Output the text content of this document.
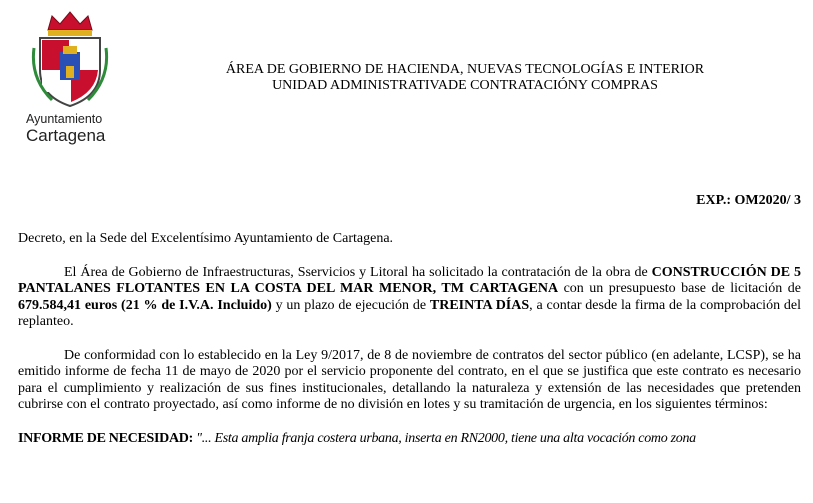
Ayuntamiento
Cartagena
ÁREA DE GOBIERNO DE HACIENDA, NUEVAS TECNOLOGÍAS E INTERIOR
UNIDAD ADMINISTRATIVADE CONTRATACIÓNY COMPRAS
EXP.: OM2020/ 3

Decreto, en la Sede del Excelentísimo Ayuntamiento de Cartagena.

El Área de Gobierno de Infraestructuras, Sservicios y Litoral ha solicitado la contratación de la obra de CONSTRUCCIÓN DE 5 PANTALANES FLOTANTES EN LA COSTA DEL MAR MENOR, TM CARTAGENA con un presupuesto base de licitación de 679.584,41 euros (21 % de I.V.A. Incluido) y un plazo de ejecución de TREINTA DÍAS, a contar desde la firma de la comprobación del replanteo.

De conformidad con lo establecido en la Ley 9/2017, de 8 de noviembre de contratos del sector público (en adelante, LCSP), se ha emitido informe de fecha 11 de mayo de 2020 por el servicio proponente del contrato, en el que se justifica que este contrato es necesario para el cumplimiento y realización de sus fines institucionales, detallando la naturaleza y extensión de las necesidades que pretenden cubrirse con el contrato proyectado, así como informe de no división en lotes y su tramitación de urgencia, en los siguientes términos:

INFORME DE NECESIDAD: "... Esta amplia franja costera urbana, inserta en RN2000, tiene una alta vocación como zona
